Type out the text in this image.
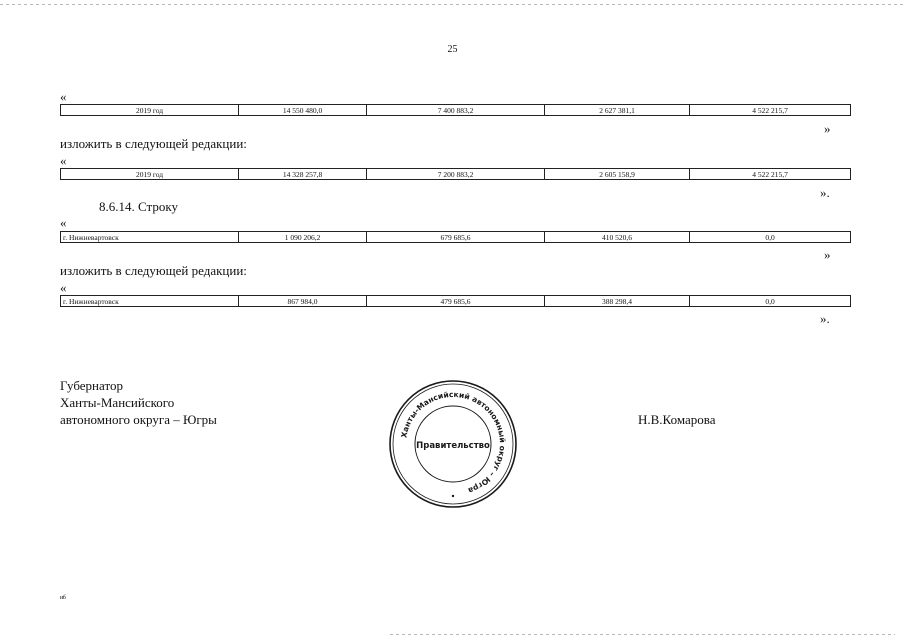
25
«
2019 год	14 550 480,0	7 400 883,2	2 627 381,1	4 522 215,7
»
изложить в следующей редакции:
«
2019 год	14 328 257,8	7 200 883,2	2 605 158,9	4 522 215,7
».
8.6.14. Строку
«
г. Нижневартовск	1 090 206,2	679 685,6	410 520,6	0,0
»
изложить в следующей редакции:
«
г. Нижневартовск	867 984,0	479 685,6	388 298,4	0,0
».
Губернатор
Ханты-Мансийского
автономного округа – Югры	Н.В.Комарова
Ханты-Мансийский автономный округ – Югра
Правительство
иб
